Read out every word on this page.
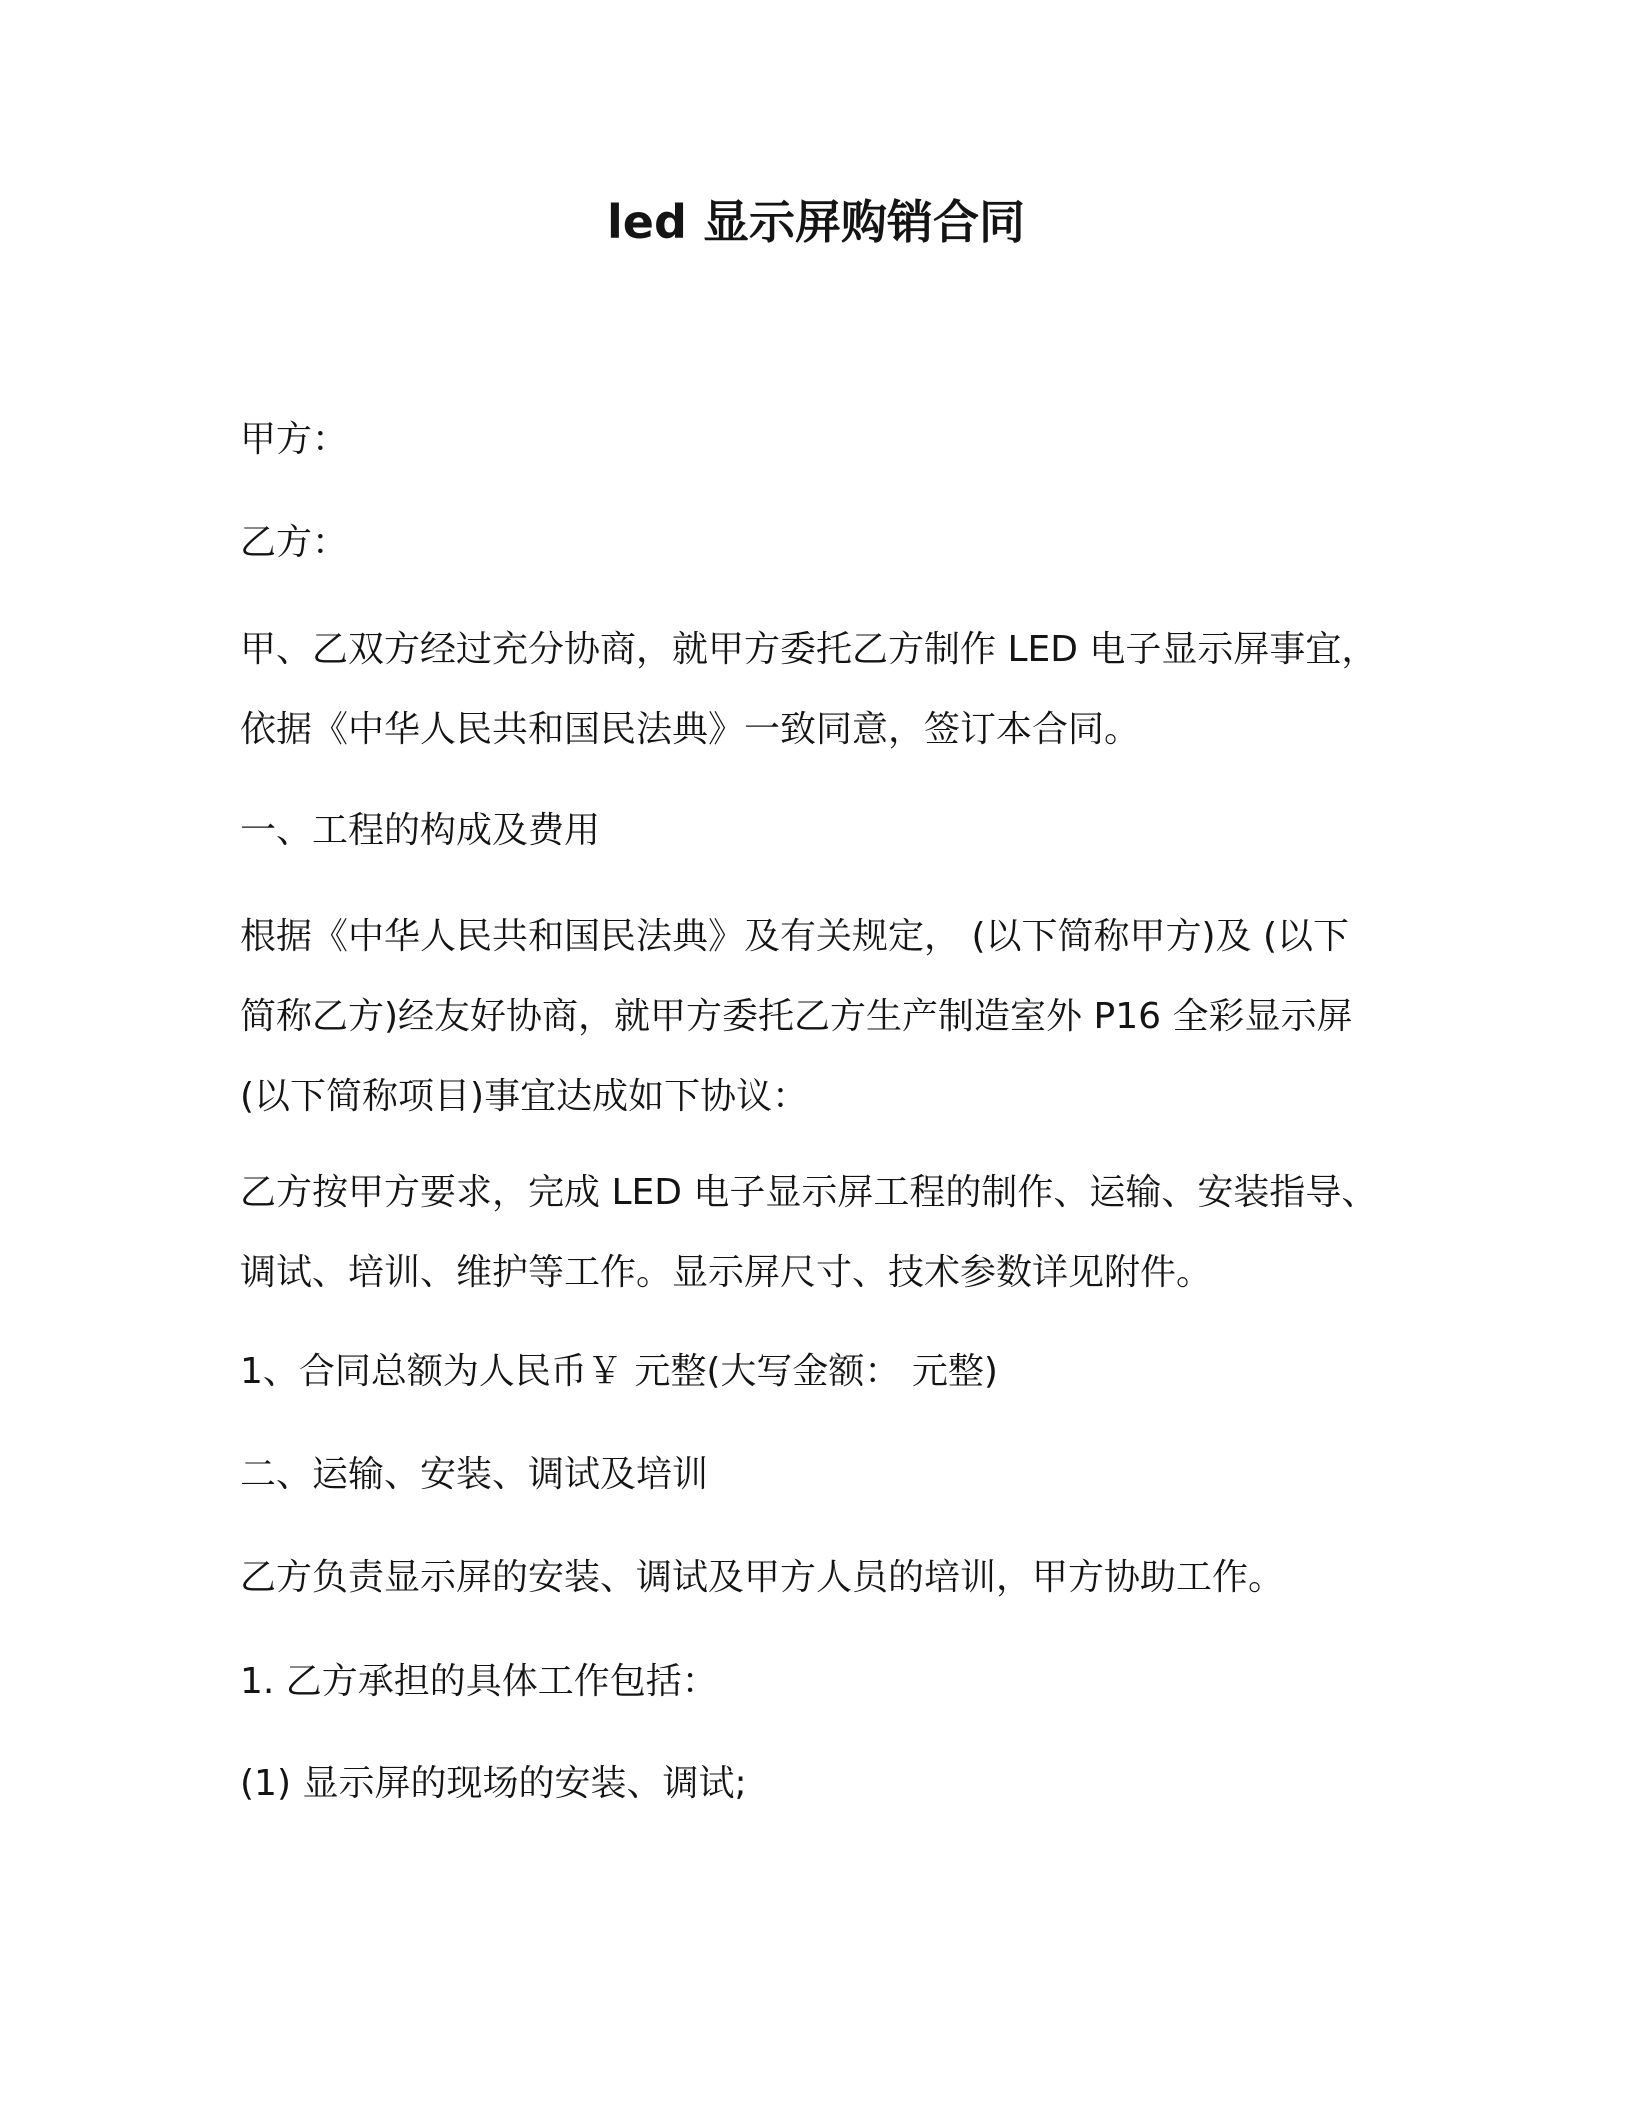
led 显示屏购销合同
甲方：
乙方：
甲、乙双方经过充分协商，就甲方委托乙方制作 LED 电子显示屏事宜，
依据《中华人民共和国民法典》一致同意，签订本合同。
一、工程的构成及费用
根据《中华人民共和国民法典》及有关规定， (以下简称甲方)及 (以下
简称乙方)经友好协商，就甲方委托乙方生产制造室外 P16 全彩显示屏
(以下简称项目)事宜达成如下协议：
乙方按甲方要求，完成 LED 电子显示屏工程的制作、运输、安装指导、
调试、培训、维护等工作。显示屏尺寸、技术参数详见附件。
1、合同总额为人民币￥ 元整(大写金额： 元整)
二、运输、安装、调试及培训
乙方负责显示屏的安装、调试及甲方人员的培训，甲方协助工作。
1. 乙方承担的具体工作包括：
(1) 显示屏的现场的安装、调试;
